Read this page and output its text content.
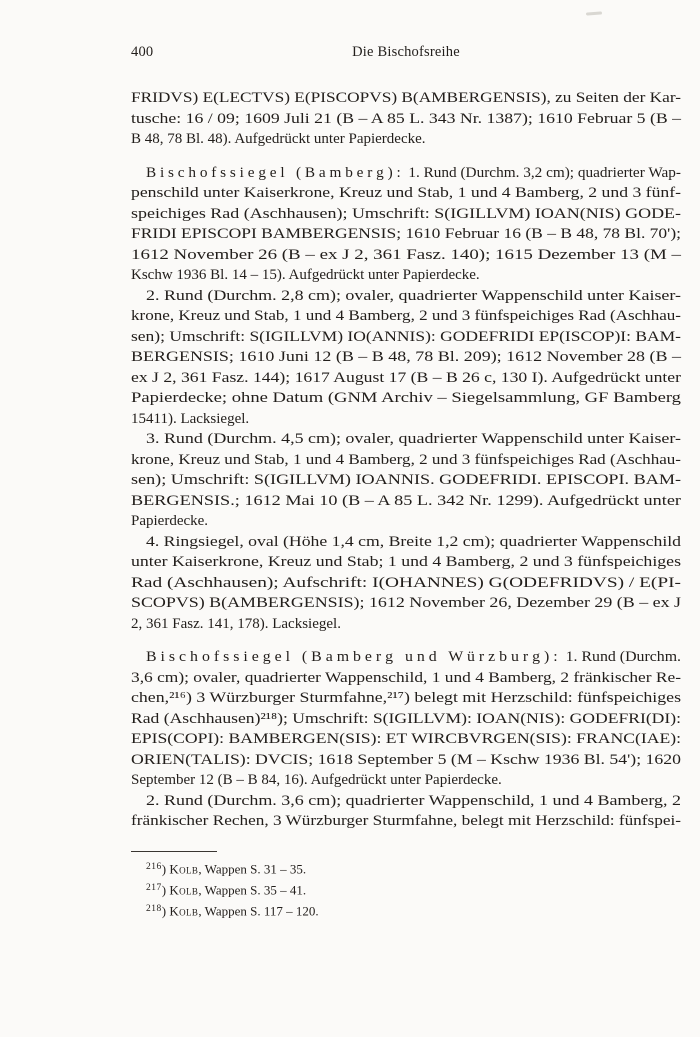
400	Die Bischofsreihe
FRIDVS) E(LECTVS) E(PISCOPVS) B(AMBERGENSIS), zu Seiten der Kar-
tusche: 16 / 09; 1609 Juli 21 (B – A 85 L. 343 Nr. 1387); 1610 Februar 5 (B –
B 48, 78 Bl. 48). Aufgedrückt unter Papierdecke.
B i s c h o f s s i e g e l   ( B a m b e r g ) :  1. Rund (Durchm. 3,2 cm); quadrierter Wap-
penschild unter Kaiserkrone, Kreuz und Stab, 1 und 4 Bamberg, 2 und 3 fünf-
speichiges Rad (Aschhausen); Umschrift: S(IGILLVM) IOAN(NIS) GODE-
FRIDI EPISCOPI BAMBERGENSIS; 1610 Februar 16 (B – B 48, 78 Bl. 70');
1612 November 26 (B – ex J 2, 361 Fasz. 140); 1615 Dezember 13 (M –
Kschw 1936 Bl. 14 – 15). Aufgedrückt unter Papierdecke.
2. Rund (Durchm. 2,8 cm); ovaler, quadrierter Wappenschild unter Kaiser-
krone, Kreuz und Stab, 1 und 4 Bamberg, 2 und 3 fünfspeichiges Rad (Aschhau-
sen); Umschrift: S(IGILLVM) IO(ANNIS): GODEFRIDI EP(ISCOP)I: BAM-
BERGENSIS; 1610 Juni 12 (B – B 48, 78 Bl. 209); 1612 November 28 (B –
ex J 2, 361 Fasz. 144); 1617 August 17 (B – B 26 c, 130 I). Aufgedrückt unter
Papierdecke; ohne Datum (GNM Archiv – Siegelsammlung, GF Bamberg
15411). Lacksiegel.
3. Rund (Durchm. 4,5 cm); ovaler, quadrierter Wappenschild unter Kaiser-
krone, Kreuz und Stab, 1 und 4 Bamberg, 2 und 3 fünfspeichiges Rad (Aschhau-
sen); Umschrift: S(IGILLVM) IOANNIS. GODEFRIDI. EPISCOPI. BAM-
BERGENSIS.; 1612 Mai 10 (B – A 85 L. 342 Nr. 1299). Aufgedrückt unter
Papierdecke.
4. Ringsiegel, oval (Höhe 1,4 cm, Breite 1,2 cm); quadrierter Wappenschild
unter Kaiserkrone, Kreuz und Stab; 1 und 4 Bamberg, 2 und 3 fünfspeichiges
Rad (Aschhausen); Aufschrift: I(OHANNES) G(ODEFRIDVS) / E(PI-
SCOPVS) B(AMBERGENSIS); 1612 November 26, Dezember 29 (B – ex J
2, 361 Fasz. 141, 178). Lacksiegel.
B i s c h o f s s i e g e l   ( B a m b e r g   u n d   W ü r z b u r g ) :  1. Rund (Durchm.
3,6 cm); ovaler, quadrierter Wappenschild, 1 und 4 Bamberg, 2 fränkischer Re-
chen,²¹⁶) 3 Würzburger Sturmfahne,²¹⁷) belegt mit Herzschild: fünfspeichiges
Rad (Aschhausen)²¹⁸); Umschrift: S(IGILLVM): IOAN(NIS): GODEFRI(DI):
EPIS(COPI): BAMBERGEN(SIS): ET WIRCBVRGEN(SIS): FRANC(IAE):
ORIEN(TALIS): DVCIS; 1618 September 5 (M – Kschw 1936 Bl. 54'); 1620
September 12 (B – B 84, 16). Aufgedrückt unter Papierdecke.
2. Rund (Durchm. 3,6 cm); quadrierter Wappenschild, 1 und 4 Bamberg, 2
fränkischer Rechen, 3 Würzburger Sturmfahne, belegt mit Herzschild: fünfspei-
$^{216}$) Kolb, Wappen S. 31 – 35.
$^{217}$) Kolb, Wappen S. 35 – 41.
$^{218}$) Kolb, Wappen S. 117 – 120.
